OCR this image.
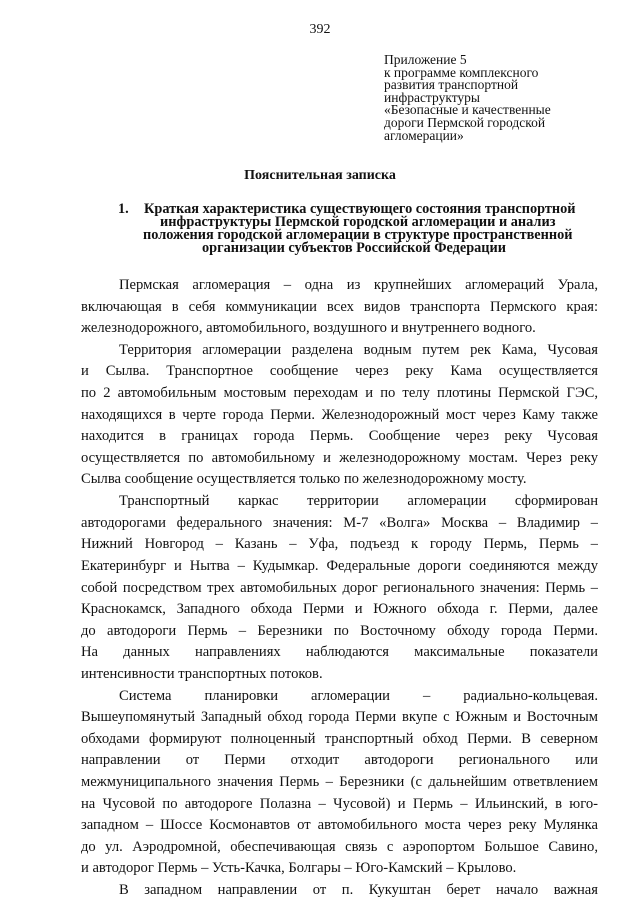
392
Приложение 5
к программе комплексного
развития транспортной
инфраструктуры
«Безопасные и качественные
дороги Пермской городской
агломерации»
Пояснительная записка
1.	Краткая характеристика существующего состояния транспортной
инфраструктуры Пермской городской агломерации и анализ
положения городской агломерации в структуре пространственной
организации субъектов Российской Федерации

Пермская агломерация – одна из крупнейших агломераций Урала,
включающая в себя коммуникации всех видов транспорта Пермского края:
железнодорожного, автомобильного, воздушного и внутреннего водного.

Территория агломерации разделена водным путем рек Кама, Чусовая
и Сылва. Транспортное сообщение через реку Кама осуществляется
по 2 автомобильным мостовым переходам и по телу плотины Пермской ГЭС,
находящихся в черте города Перми. Железнодорожный мост через Каму также
находится в границах города Пермь. Сообщение через реку Чусовая
осуществляется по автомобильному и железнодорожному мостам. Через реку
Сылва сообщение осуществляется только по железнодорожному мосту.

Транспортный каркас территории агломерации сформирован
автодорогами федерального значения: М-7 «Волга» Москва – Владимир –
Нижний Новгород – Казань – Уфа, подъезд к городу Пермь, Пермь –
Екатеринбург и Нытва – Кудымкар. Федеральные дороги соединяются между
собой посредством трех автомобильных дорог регионального значения: Пермь –
Краснокамск, Западного обхода Перми и Южного обхода г. Перми, далее
до автодороги Пермь – Березники по Восточному обходу города Перми.
На данных направлениях наблюдаются максимальные показатели
интенсивности транспортных потоков.

Система планировки агломерации – радиально-кольцевая.
Вышеупомянутый Западный обход города Перми вкупе с Южным и Восточным
обходами формируют полноценный транспортный обход Перми. В северном
направлении от Перми отходит автодороги регионального или
межмуниципального значения Пермь – Березники (с дальнейшим ответвлением
на Чусовой по автодороге Полазна – Чусовой) и Пермь – Ильинский, в юго-
западном – Шоссе Космонавтов от автомобильного моста через реку Мулянка
до ул. Аэродромной, обеспечивающая связь с аэропортом Большое Савино,
и автодорог Пермь – Усть-Качка, Болгары – Юго-Камский – Крылово.

В западном направлении от п. Кукуштан берет начало важная
